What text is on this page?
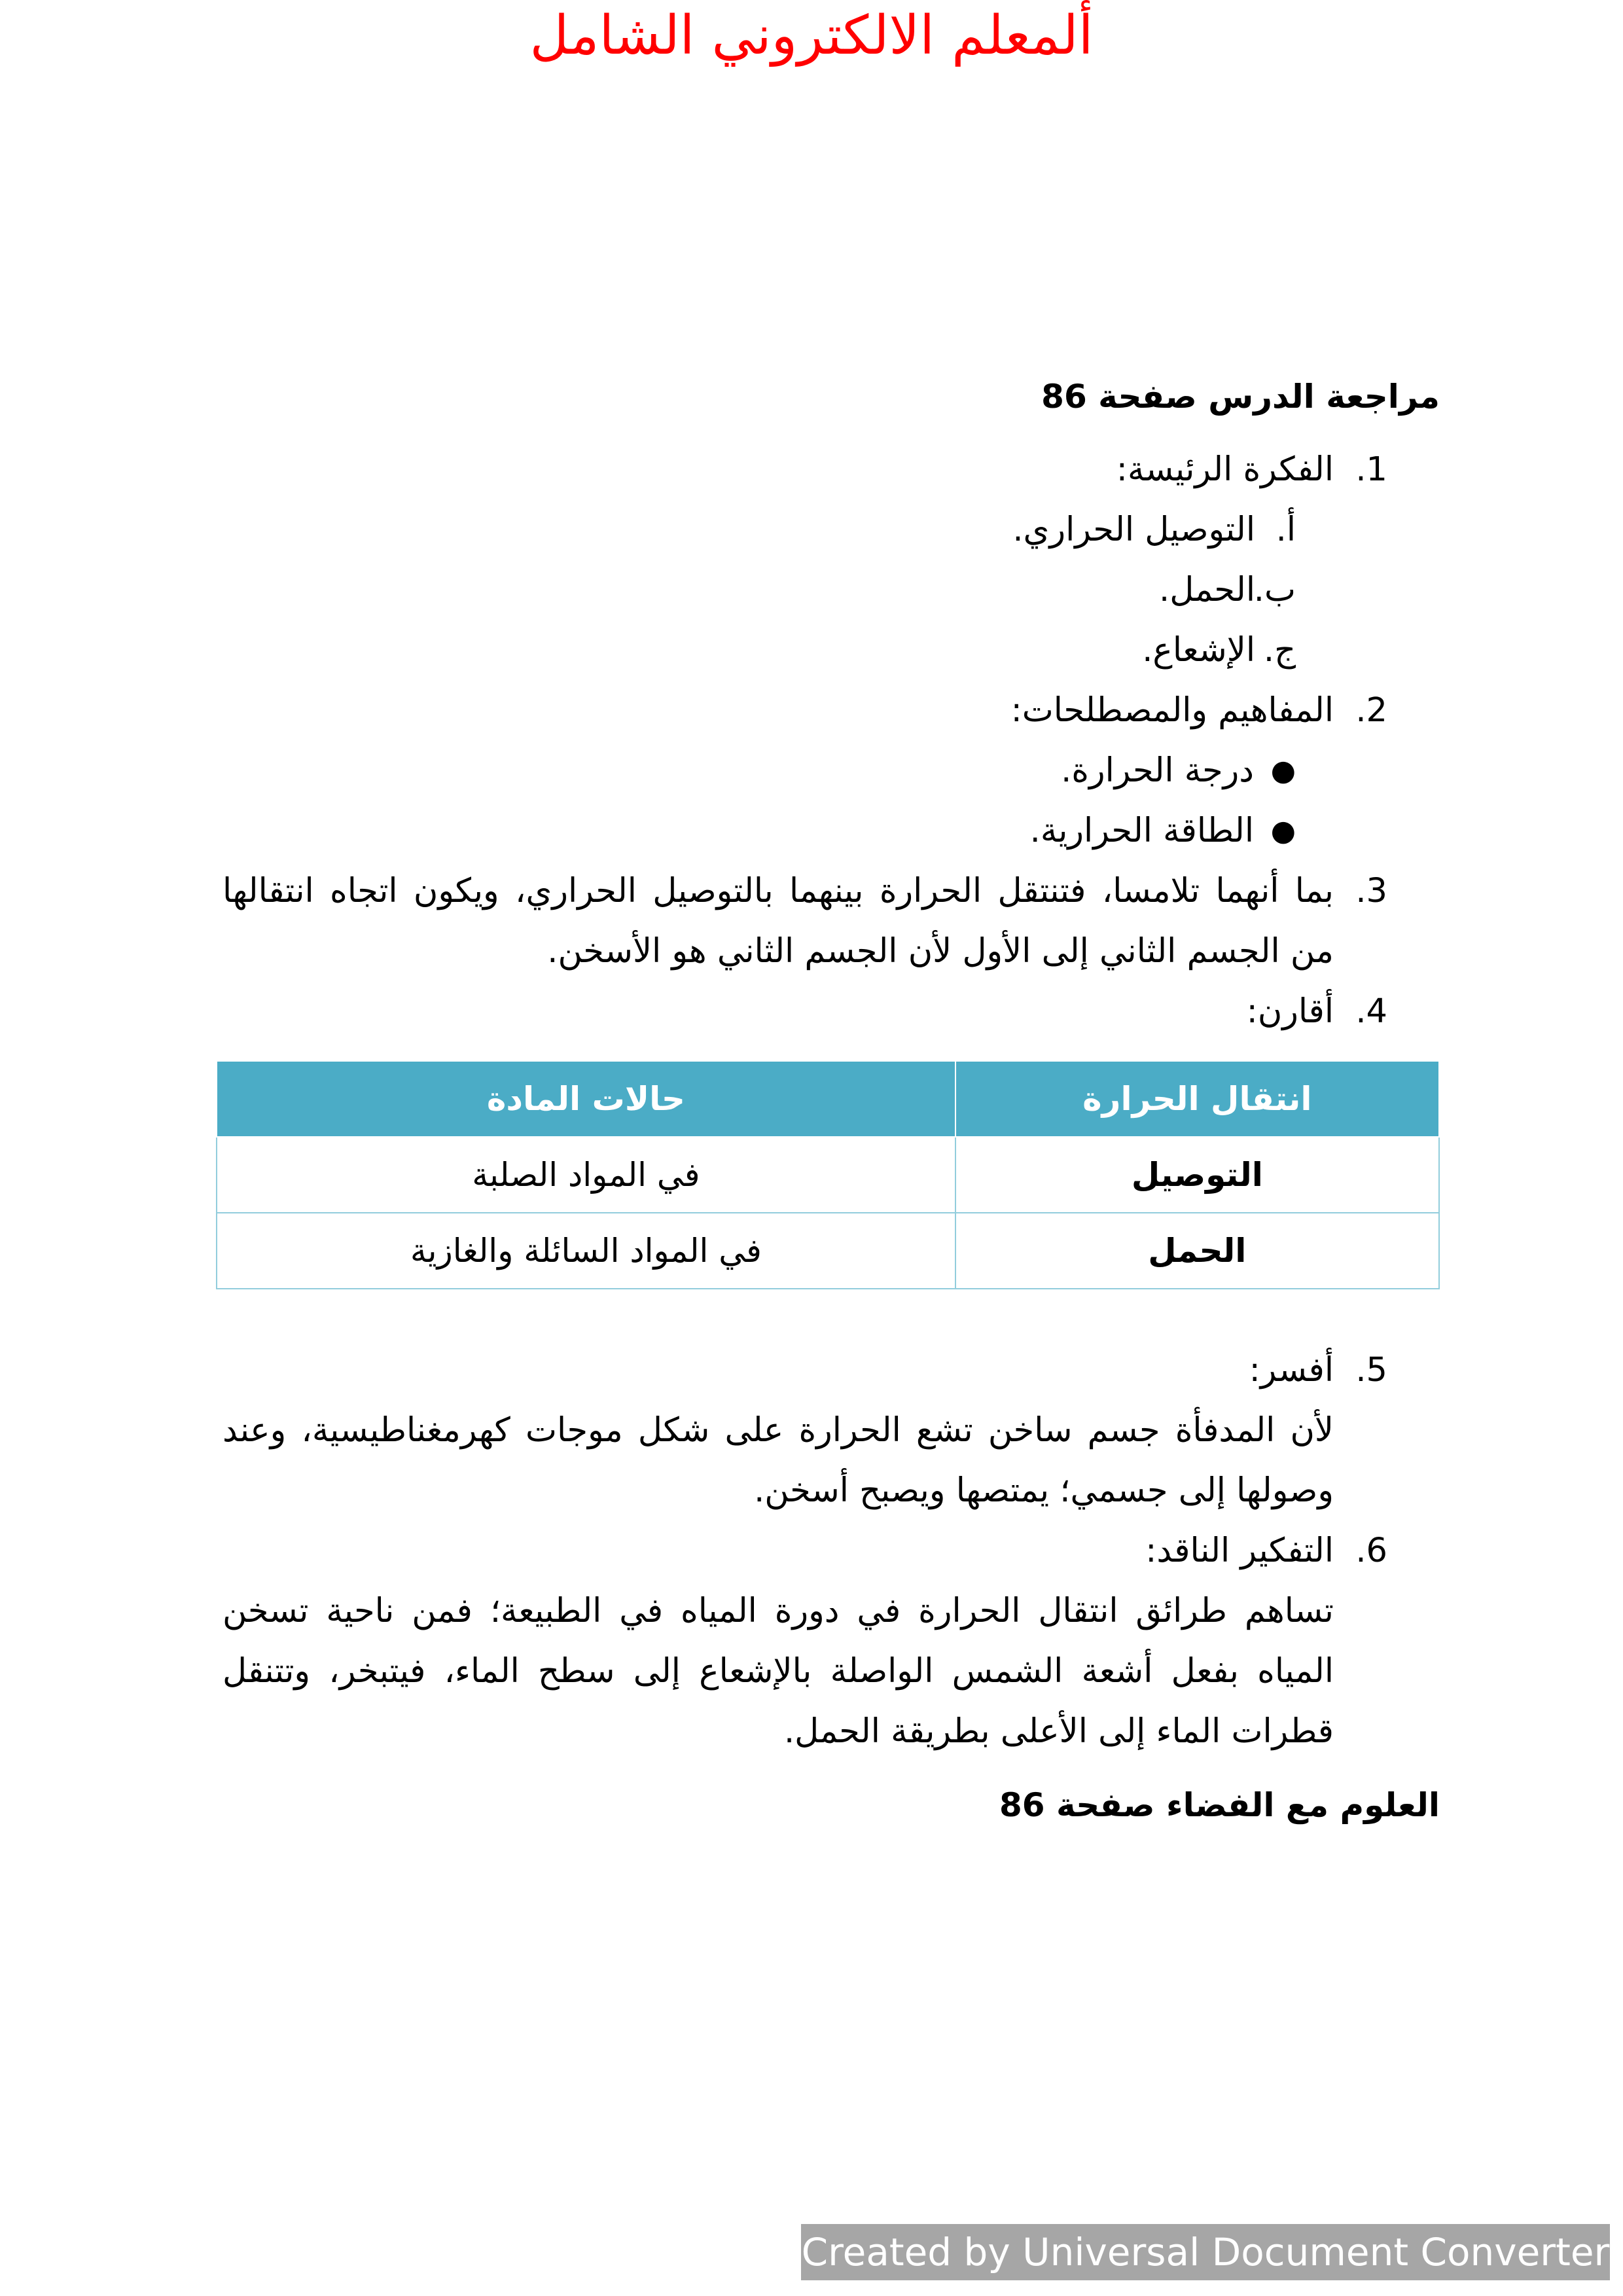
ألمعلم الالكتروني الشامل

مراجعة الدرس صفحة 86

1.
الفكرة الرئيسة:
أ.
التوصيل الحراري.
ب.
الحمل.
ج.
الإشعاع.
2.
المفاهيم والمصطلحات:
●
درجة الحرارة.
●
الطاقة الحرارية.
3.
بما أنهما تلامسا، فتنتقل الحرارة بينهما بالتوصيل الحراري، ويكون اتجاه انتقالها من الجسم الثاني إلى الأول لأن الجسم الثاني هو الأسخن.
4.
أقارن:
انتقال الحرارة	حالات المادة
التوصيل	في المواد الصلبة
الحمل	في المواد السائلة والغازية
5.
أفسر:
لأن المدفأة جسم ساخن تشع الحرارة على شكل موجات كهرمغناطيسية، وعند وصولها إلى جسمي؛ يمتصها ويصبح أسخن.
6.
التفكير الناقد:
تساهم طرائق انتقال الحرارة في دورة المياه في الطبيعة؛ فمن ناحية تسخن المياه بفعل أشعة الشمس الواصلة بالإشعاع إلى سطح الماء، فيتبخر، وتتنقل قطرات الماء إلى الأعلى بطريقة الحمل.

العلوم مع الفضاء صفحة 86

Created by Universal Document Converter
